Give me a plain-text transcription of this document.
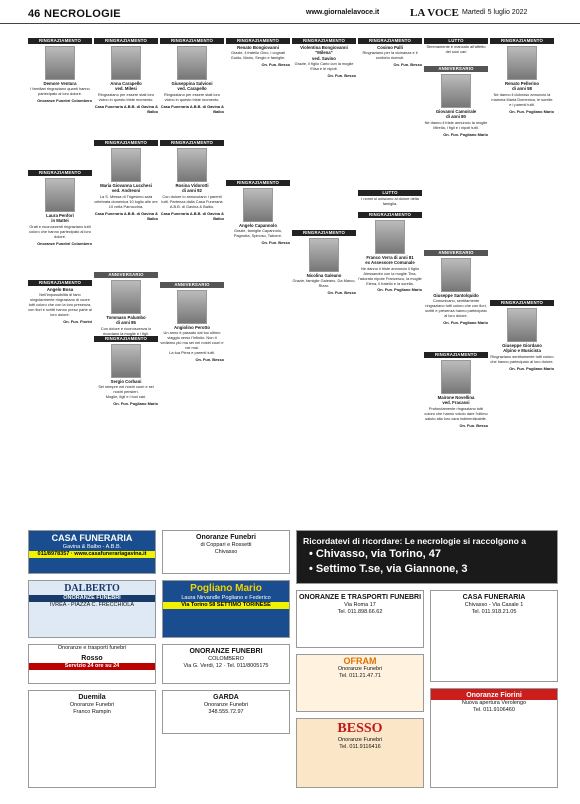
46 NECROLOGIE	www.giornalelavoce.it	LA VOCE Martedì 5 luglio 2022
RINGRAZIAMENTO
Demore Ventura
I familiari ringraziano quanti hanno partecipato al loro dolore.
Onoranze Funebri Colombero
RINGRAZIAMENTO
Laura Penfori
in Mattei
Grati e riconoscenti ringraziano tutti coloro che hanno partecipato al loro dolore.
Onoranze Funebri Colombero
RINGRAZIAMENTO
Angelo Bosa
Nell'impossibilità di farlo singolarmente ringraziano di cuore tutti coloro che con la loro presenza, con fiori e scritti hanno preso parte al loro dolore.
On. Fun. Fiorini
RINGRAZIAMENTO
Anna Carapello
ved. Milesi
Ringraziano per essere stati loro vicino in questo triste momento.
Casa Funeraria A.B.B. di Gavina & Balbo
RINGRAZIAMENTO
Maria Giovanna Lucchesi
ved. Andreoni
La S. Messa di Trigesimo sarà celebrata domenica 10 luglio alle ore 10 nella Parrocchia.
Casa Funeraria A.B.B. di Gavina & Balbo
ANNIVERSARIO
Tommaso Palumbo
di anni 85
Con dolore e riconoscenza lo ricordano la moglie e i figli.
RINGRAZIAMENTO
Sergio Corbani
Sei sempre nei nostri cuori e sei nostri pensieri.
Moglie, figli e i tuoi cari.
On. Fun. Pogliano Mario
RINGRAZIAMENTO
Giuseppina Salvioni
ved. Carapello
Ringraziano per essere stati loro vicino in questo triste momento.
Casa Funeraria A.B.B. di Gavina & Balbo
RINGRAZIAMENTO
Rosina Vidorotti
di anni 92
Con dolore lo annunciano i parenti tutti. Partenza dalla Casa Funeraria A.B.B. di Gavina & Balbo.
Casa Funeraria A.B.B. di Gavina & Balbo
ANNIVERSARIO
Angiolino Perotto
Un anno è passato dal tuo ultimo viaggio verso l'infinito. Non ti vediamo più ma sei nei nostri cuori e nei mai.
La tua Piera e parenti tutti.
On. Fun. Besso
RINGRAZIAMENTO
Renato Bongiovanni
Grazie, il fratello Gino, i cognati Guido, Mario, Sergio e famiglie.
On. Fun. Besso
RINGRAZIAMENTO
Angelo Capannolo
Grazie, famiglie Capannolo, Pagnotta, Spinoso, Taborre.
On. Fun. Besso
RINGRAZIAMENTO
Violentina Bongiovanni
"Milena"
ved. Savino
Grazie, il figlio Carlo con la moglie Elisa e le nipoti.
On. Fun. Besso
RINGRAZIAMENTO
Nicolina Galeano
Grazie, famiglie Galeano, Da Marco, Rizzo.
On. Fun. Besso
RINGRAZIAMENTO
Cosimo Palli
Ringraziano per la vicinanza e il conforto ricevuti.
On. Fun. Besso
LUTTO
I nonni si uniscono al dolore della famiglia.
RINGRAZIAMENTO
Franco Verra di anni 81
ex Assessore Comunale
Ne danno il triste annuncio il figlio Alessandro con la moglie Tina, l'adorato nipote Francesco, la moglie Elena, il fratello e la sorella.
On. Fun. Pogliano Mario
LUTTO
Serenamente è mancato all'affetto dei suoi cari
ANNIVERSARIO
Giovanni Camoirale
di anni 80
Ne danno il triste annuncio la moglie Mirella, i figli e i nipoti tutti.
On. Fun. Pogliano Mario
ANNIVERSARIO
Giuseppe Santolquido
Comunicano, sentitamente ringraziano tutti coloro che con fiori, scritti e presenza hanno partecipato al loro dolore.
On. Fun. Pogliano Mario
RINGRAZIAMENTO
Mairone Novellina
ved. Fracassi
Profondamente ringraziano tutti coloro che hanno voluto dare l'ultimo saluto alla loro cara indimenticabile.
On. Fun. Besso
RINGRAZIAMENTO
Renato Pellerino
di anni 58
Ne danno il doloroso annuncio la mamma Maria Domenica, le sorelle e i parenti tutti.
On. Fun. Pogliano Mario
RINGRAZIAMENTO
Giuseppe Giordano
Alpino e Musicista
Ringraziano sentitamente tutti coloro che hanno partecipato al loro dolore.
On. Fun. Pogliano Mario
CASA FUNERARIA
Gavina & Balbo - A.B.B.
011/8978357 · www.casafunerariagavina.it
Onoranze Funebri
di Coppari e Rossetti
Chivasso
Ricordatevi di ricordare: Le necrologie si raccolgono a
• Chivasso, via Torino, 47
• Settimo T.se, via Giannone, 3
DALBERTO
ONORANZE FUNEBRI
IVREA - PIAZZA C. FRECCHIOLA
Pogliano Mario
Laura Nirvandle Pogliano e Federico
Via Torino 58 SETTIMO TORINESE
ONORANZE E TRASPORTI FUNEBRI
Via Roma 17
Tel. 011.898.66.62
CASA FUNERARIA
Chivasso - Via Casale 1
Tel. 011.918.21.05
Onoranze e trasporti funebri
Rosso
Servizio 24 ore su 24
ONORANZE FUNEBRI
COLOMBERO
Via G. Verdi, 12 · Tel. 011/8005175	OFRAM
Onoranze Funebri
Tel. 011.21.47.71
GARDA
Onoranze Funebri
348.555.72.97
BESSO
Onoranze Funebri
Tel. 011.9116416
Onoranze Fiorini
Nuova apertura Verolengo
Tel. 011.9106460
Duemila
Onoranze Funebri
Franco Rampin
